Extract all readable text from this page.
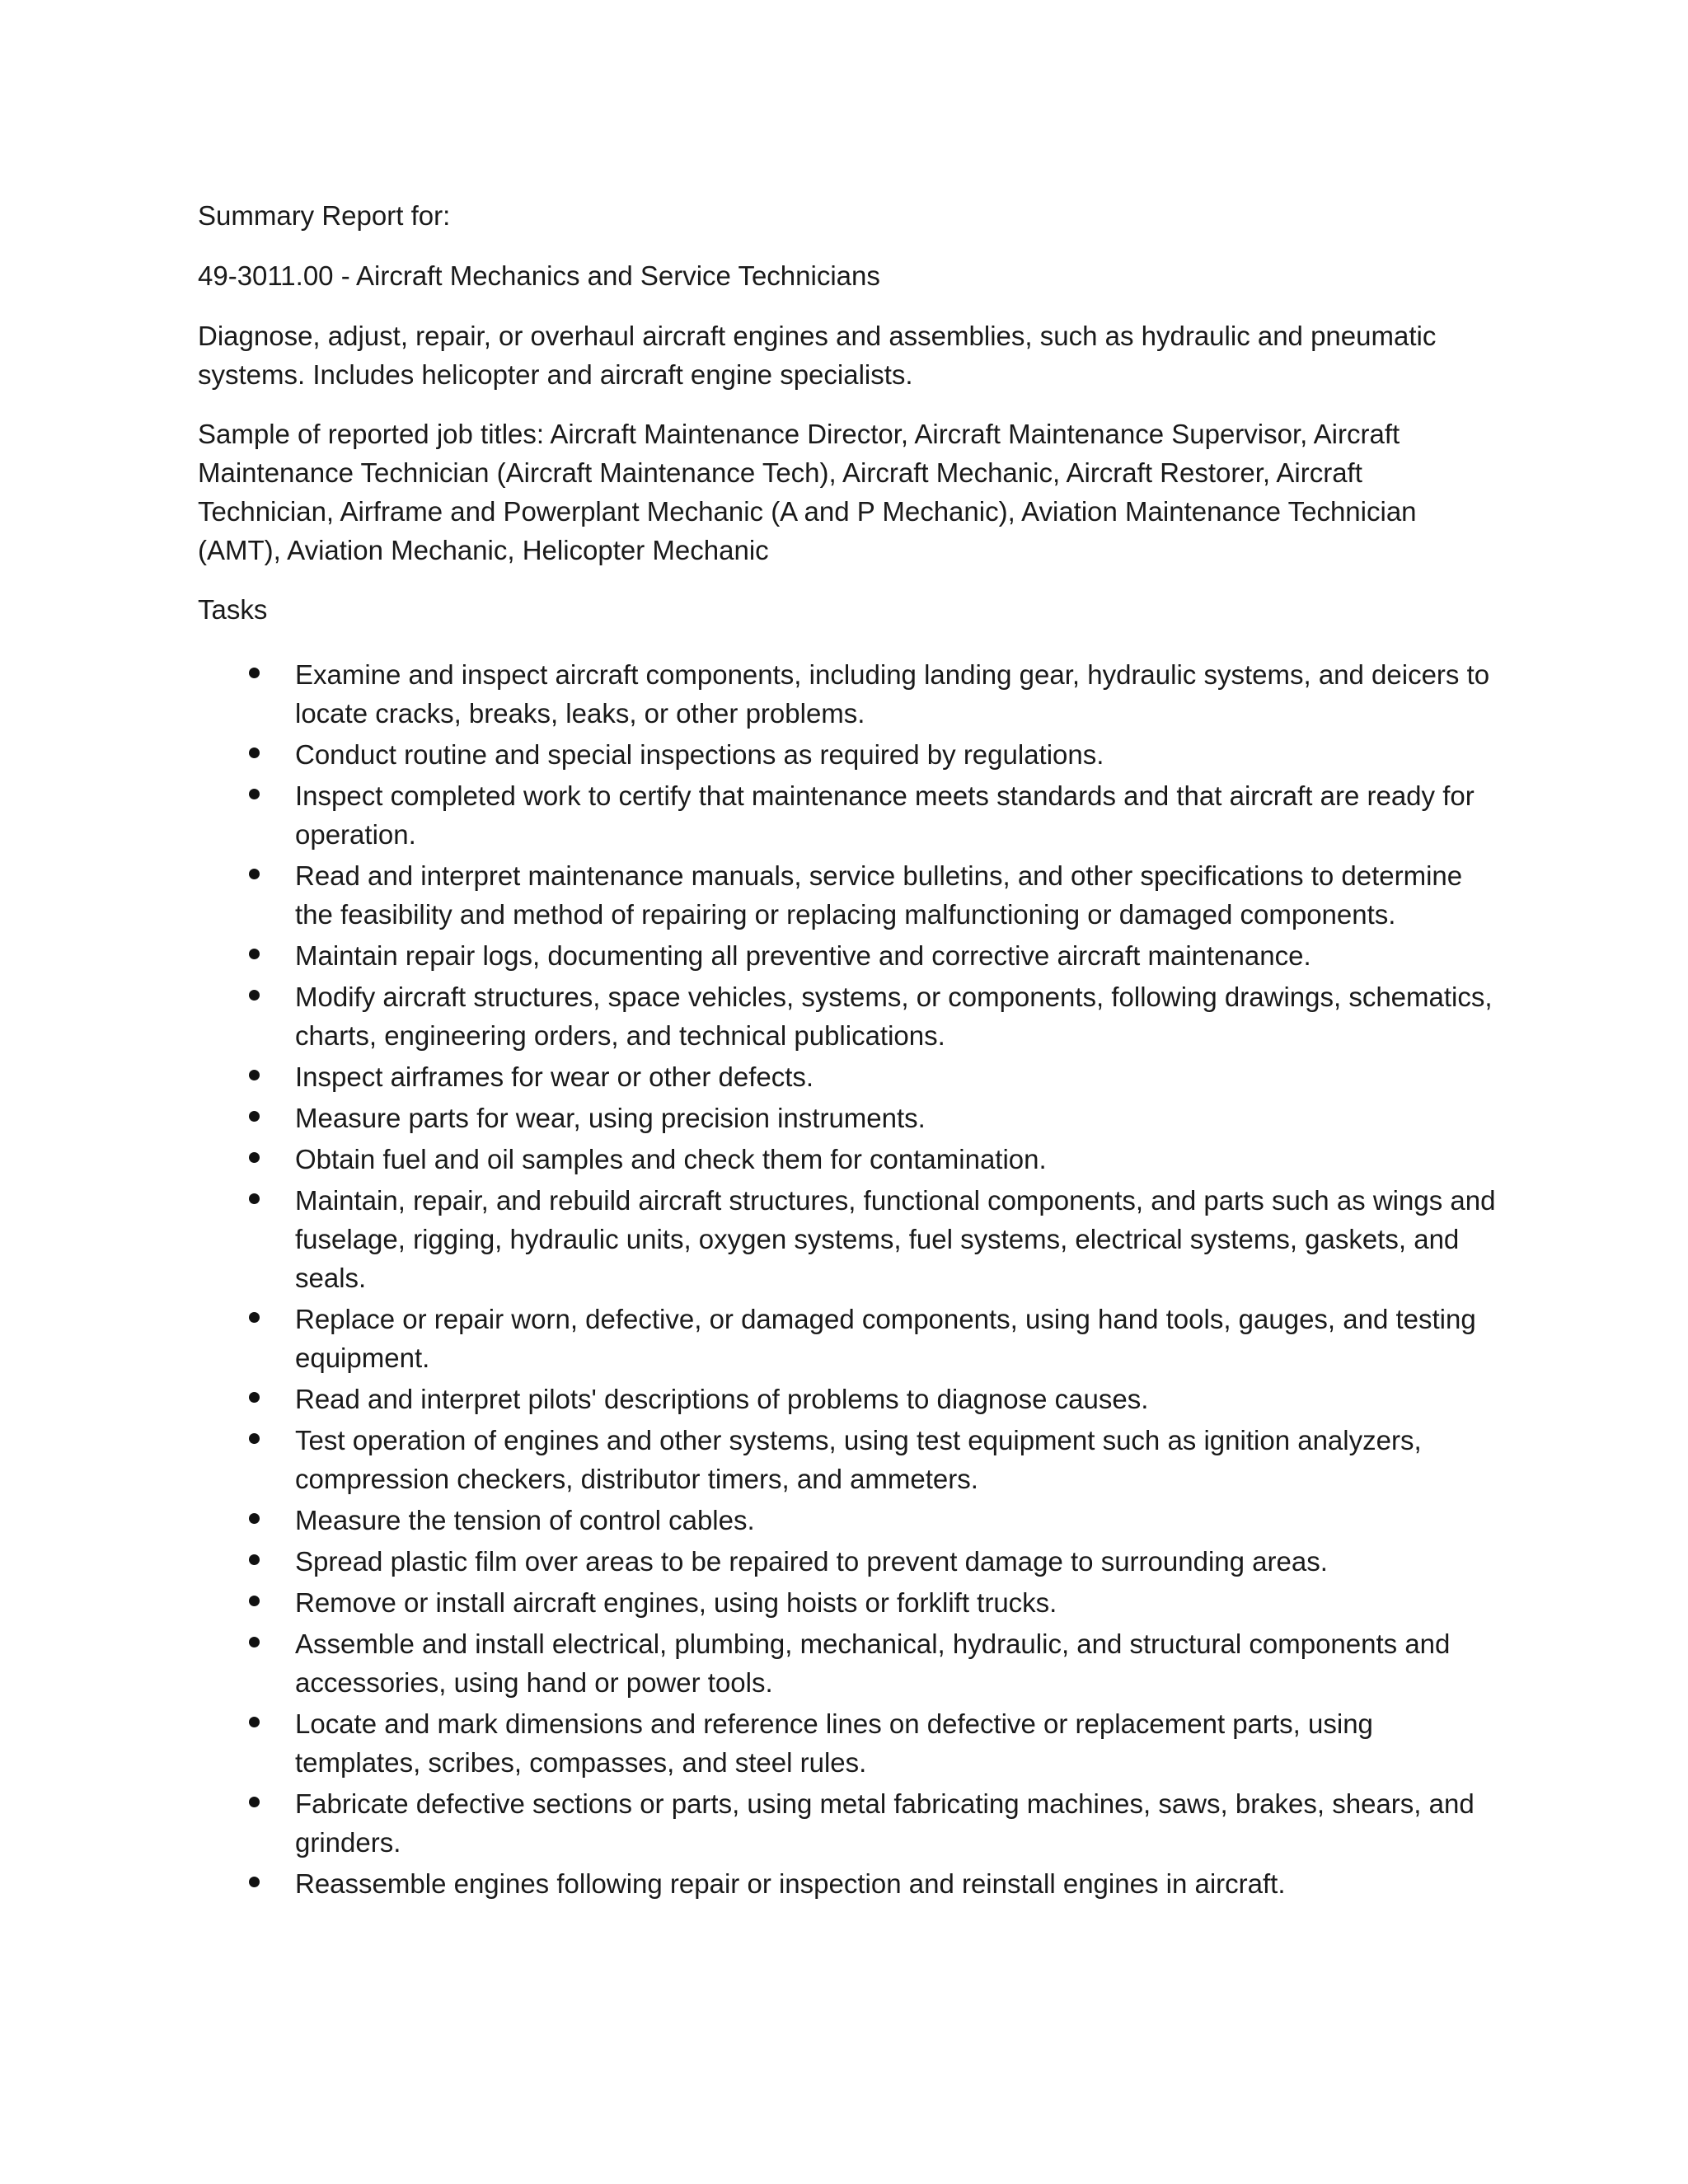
Summary Report for:

49-3011.00 - Aircraft Mechanics and Service Technicians

Diagnose, adjust, repair, or overhaul aircraft engines and assemblies, such as hydraulic and pneumatic systems. Includes helicopter and aircraft engine specialists.

Sample of reported job titles: Aircraft Maintenance Director, Aircraft Maintenance Supervisor, Aircraft Maintenance Technician (Aircraft Maintenance Tech), Aircraft Mechanic, Aircraft Restorer, Aircraft Technician, Airframe and Powerplant Mechanic (A and P Mechanic), Aviation Maintenance Technician (AMT), Aviation Mechanic, Helicopter Mechanic

Tasks

Examine and inspect aircraft components, including landing gear, hydraulic systems, and deicers to locate cracks, breaks, leaks, or other problems.
Conduct routine and special inspections as required by regulations.
Inspect completed work to certify that maintenance meets standards and that aircraft are ready for operation.
Read and interpret maintenance manuals, service bulletins, and other specifications to determine the feasibility and method of repairing or replacing malfunctioning or damaged components.
Maintain repair logs, documenting all preventive and corrective aircraft maintenance.
Modify aircraft structures, space vehicles, systems, or components, following drawings, schematics, charts, engineering orders, and technical publications.
Inspect airframes for wear or other defects.
Measure parts for wear, using precision instruments.
Obtain fuel and oil samples and check them for contamination.
Maintain, repair, and rebuild aircraft structures, functional components, and parts such as wings and fuselage, rigging, hydraulic units, oxygen systems, fuel systems, electrical systems, gaskets, and seals.
Replace or repair worn, defective, or damaged components, using hand tools, gauges, and testing equipment.
Read and interpret pilots' descriptions of problems to diagnose causes.
Test operation of engines and other systems, using test equipment such as ignition analyzers, compression checkers, distributor timers, and ammeters.
Measure the tension of control cables.
Spread plastic film over areas to be repaired to prevent damage to surrounding areas.
Remove or install aircraft engines, using hoists or forklift trucks.
Assemble and install electrical, plumbing, mechanical, hydraulic, and structural components and accessories, using hand or power tools.
Locate and mark dimensions and reference lines on defective or replacement parts, using templates, scribes, compasses, and steel rules.
Fabricate defective sections or parts, using metal fabricating machines, saws, brakes, shears, and grinders.
Reassemble engines following repair or inspection and reinstall engines in aircraft.
